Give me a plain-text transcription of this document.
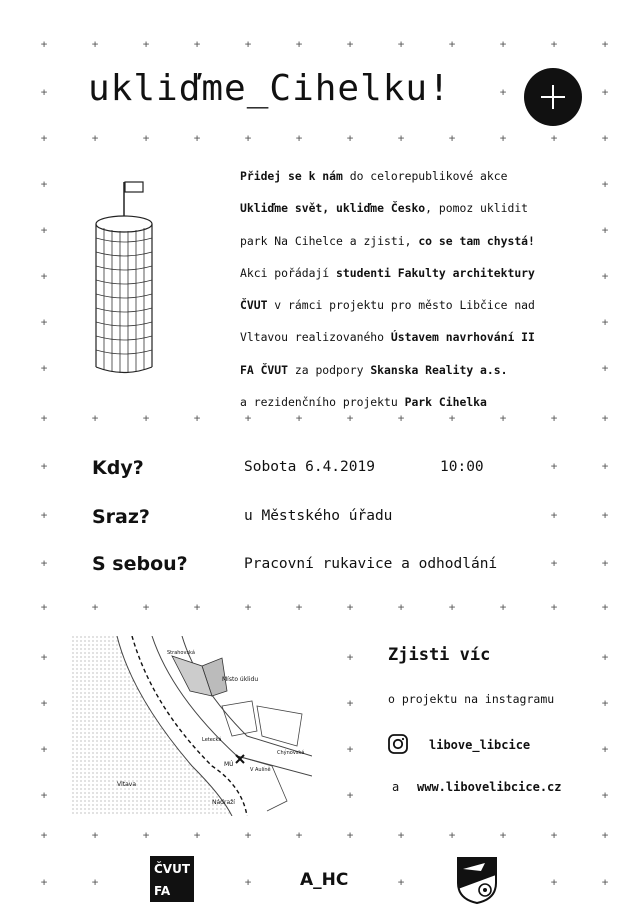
+
+
+
+
+
+
+
+
+
+
+
+
+
+
+
+
+
+
+
+
+
+
+
+
+
+
+
+
+
+
+
+
+
+
+
+
+
+
+
+
+
+
+
+
+
+
+
+
+
+
+
+
+
+
+
+
+
+
+
+
+
+
+
+
+
+
+
+
+
+
+
+
+
+
+
+
+
+
+
+
+
+
+
+
+
+
+
+
+
+
+
+
+
+
+
+
+
+
+
+
ukliďme_Cihelku!
Přidej se k nám do celorepublikové akce
Ukliďme svět, ukliďme Česko, pomoz uklidit
park Na Cihelce a zjisti, co se tam chystá!
Akci pořádají studenti Fakulty architektury
ČVUT v rámci projektu pro město Libčice nad
Vltavou realizovaného Ústavem navrhování II
FA ČVUT za podpory Skanska Reality a.s.
a rezidenčního projektu Park Cihelka
Kdy?	Sobota 6.4.2019	10:00
Sraz?	u Městského úřadu
S sebou?	Pracovní rukavice a odhodlání
Místo úklidu
Vltava
Nádraží
MÚ
Letecká
Chýnovská
Strahovská
V Aulíně
Zjisti víc
o projektu na instagramu
libove_libcice
a www.libovelibcice.cz
ČVUT
FA
A_HC
